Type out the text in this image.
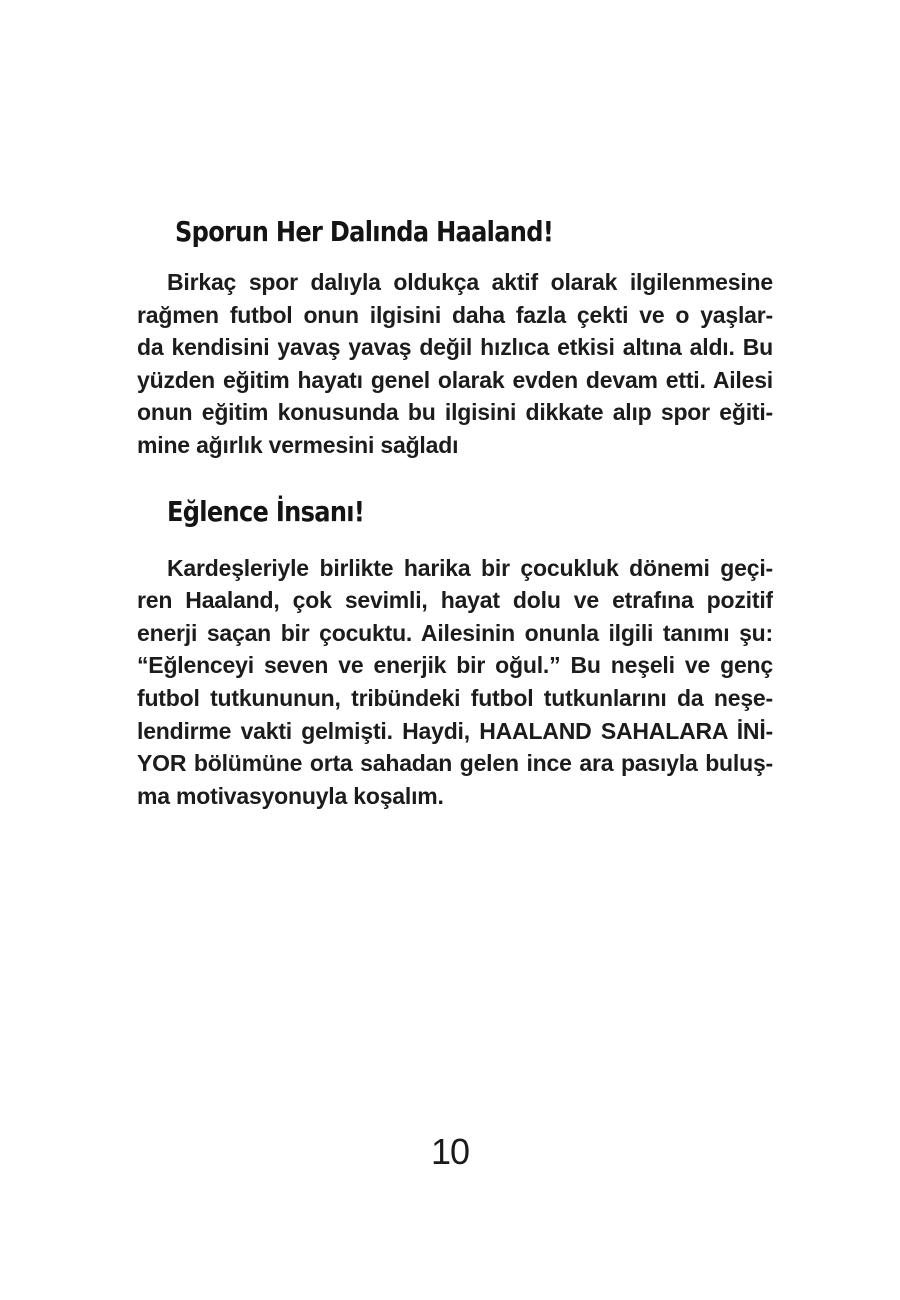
Sporun Her Dalında Haaland!
Birkaç spor dalıyla oldukça aktif olarak ilgilenmesine
rağmen futbol onun ilgisini daha fazla çekti ve o yaşlar-
da kendisini yavaş yavaş değil hızlıca etkisi altına aldı. Bu
yüzden eğitim hayatı genel olarak evden devam etti. Ailesi
onun eğitim konusunda bu ilgisini dikkate alıp spor eğiti-
mine ağırlık vermesini sağladı
Eğlence İnsanı!
Kardeşleriyle birlikte harika bir çocukluk dönemi geçi-
ren Haaland, çok sevimli, hayat dolu ve etrafına pozitif
enerji saçan bir çocuktu. Ailesinin onunla ilgili tanımı şu:
“Eğlenceyi seven ve enerjik bir oğul.” Bu neşeli ve genç
futbol tutkununun, tribündeki futbol tutkunlarını da neşe-
lendirme vakti gelmişti. Haydi, HAALAND SAHALARA İNİ-
YOR bölümüne orta sahadan gelen ince ara pasıyla buluş-
ma motivasyonuyla koşalım.
10
